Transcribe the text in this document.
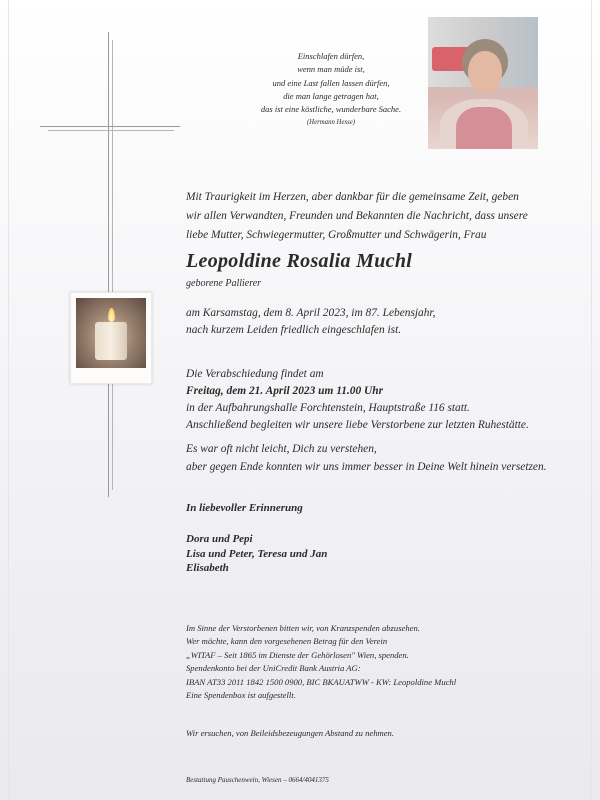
Einschlafen dürfen,
wenn man müde ist,
und eine Last fallen lassen dürfen,
die man lange getragen hat,
das ist eine köstliche, wunderbare Sache.
(Hermann Hesse)
Mit Traurigkeit im Herzen, aber dankbar für die gemeinsame Zeit, geben
wir allen Verwandten, Freunden und Bekannten die Nachricht, dass unsere
liebe Mutter, Schwiegermutter, Großmutter und Schwägerin, Frau
Leopoldine Rosalia Muchl
geborene Pallierer
am Karsamstag, dem 8. April 2023, im 87. Lebensjahr,
nach kurzem Leiden friedlich eingeschlafen ist.
Die Verabschiedung findet am
Freitag, dem 21. April 2023 um 11.00 Uhr
in der Aufbahrungshalle Forchtenstein, Hauptstraße 116 statt.
Anschließend begleiten wir unsere liebe Verstorbene zur letzten Ruhestätte.
Es war oft nicht leicht, Dich zu verstehen,
aber gegen Ende konnten wir uns immer besser in Deine Welt hinein versetzen.
In liebevoller Erinnerung
Dora und Pepi
Lisa und Peter, Teresa und Jan
Elisabeth
Im Sinne der Verstorbenen bitten wir, von Kranzspenden abzusehen.
Wer möchte, kann den vorgesehenen Betrag für den Verein
„WITAF – Seit 1865 im Dienste der Gehörlosen" Wien, spenden.
Spendenkonto bei der UniCredit Bank Austria AG:
IBAN AT33 2011 1842 1500 0900, BIC BKAUATWW - KW: Leopoldine Muchl
Eine Spendenbox ist aufgestellt.
Wir ersuchen, von Beileidsbezeugungen Abstand zu nehmen.
Bestattung Pauschenwein, Wiesen – 0664/4041375
